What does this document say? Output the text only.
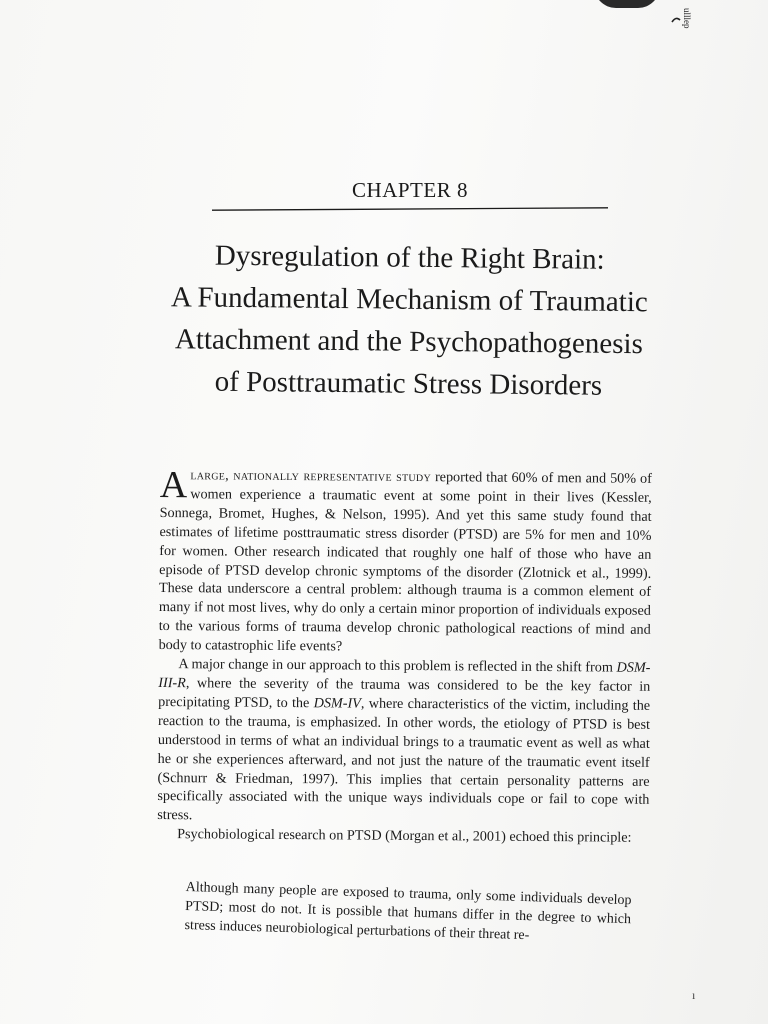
ulllep
CHAPTER 8
Dysregulation of the Right Brain:
A Fundamental Mechanism of Traumatic
Attachment and the Psychopathogenesis
of Posttraumatic Stress Disorders

Alarge, nationally representative study reported that 60% of men and 50% of women experience a traumatic event at some point in their lives (Kessler, Sonnega, Bromet, Hughes, & Nelson, 1995). And yet this same study found that estimates of lifetime posttraumatic stress disorder (PTSD) are 5% for men and 10% for women. Other research indicated that roughly one half of those who have an episode of PTSD develop chronic symptoms of the disorder (Zlotnick et al., 1999). These data underscore a central problem: although trauma is a common element of many if not most lives, why do only a certain minor proportion of individuals exposed to the various forms of trauma develop chronic pathological reactions of mind and body to catastrophic life events?

A major change in our approach to this problem is reflected in the shift from DSM-III-R, where the severity of the trauma was considered to be the key factor in precipitating PTSD, to the DSM-IV, where characteristics of the victim, including the reaction to the trauma, is emphasized. In other words, the etiology of PTSD is best understood in terms of what an individual brings to a traumatic event as well as what he or she experiences afterward, and not just the nature of the traumatic event itself (Schnurr & Friedman, 1997). This implies that certain personality patterns are specifically associated with the unique ways individuals cope or fail to cope with stress.

Psychobiological research on PTSD (Morgan et al., 2001) echoed this principle:

Although many people are exposed to trauma, only some individuals develop PTSD; most do not. It is possible that humans differ in the degree to which stress induces neurobiological perturbations of their threat re-

ı
